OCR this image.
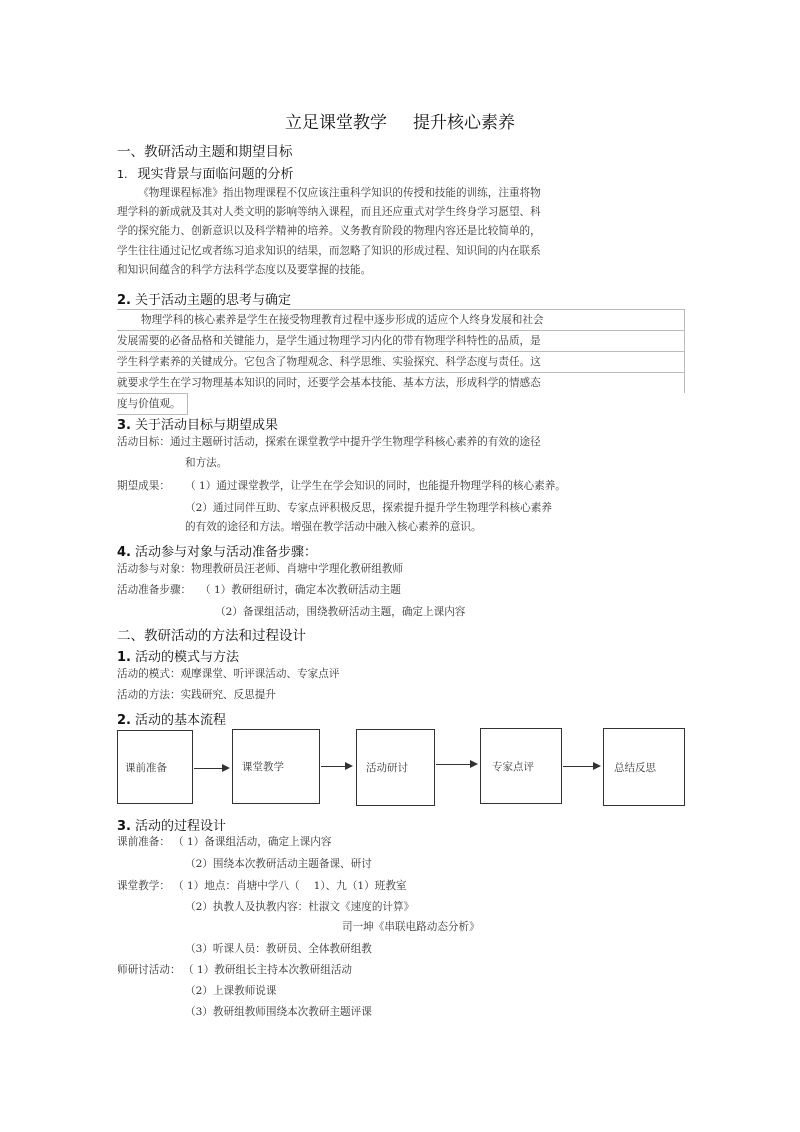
立足课堂教学 提升核心素养
一、教研活动主题和期望目标
1. 现实背景与面临问题的分析
《物理课程标准》指出物理课程不仅应该注重科学知识的传授和技能的训练，注重将物
理学科的新成就及其对人类文明的影响等纳入课程，而且还应重式对学生终身学习愿望、科
学的探究能力、创新意识以及科学精神的培养。义务教育阶段的物理内容还是比较简单的，
学生往往通过记忆或者练习追求知识的结果，而忽略了知识的形成过程、知识间的内在联系
和知识间蕴含的科学方法科学态度以及要掌握的技能。
2. 关于活动主题的思考与确定
物理学科的核心素养是学生在接受物理教育过程中逐步形成的适应个人终身发展和社会
发展需要的必备品格和关键能力，是学生通过物理学习内化的带有物理学科特性的品质，是
学生科学素养的关键成分。它包含了物理观念、科学思维、实验探究、科学态度与责任。这
就要求学生在学习物理基本知识的同时，还要学会基本技能、基本方法，形成科学的情感态
度与价值观。
3. 关于活动目标与期望成果
活动目标：通过主题研讨活动，探索在课堂教学中提升学生物理学科核心素养的有效的途径
和方法。
期望成果： （ 1）通过课堂教学，让学生在学会知识的同时，也能提升物理学科的核心素养。
（2）通过同伴互助、专家点评积极反思，探索提升提升学生物理学科核心素养
的有效的途径和方法。增强在教学活动中融入核心素养的意识。
4. 活动参与对象与活动准备步骤：
活动参与对象：物理教研员汪老师、肖塘中学理化教研组教师
活动准备步骤： （ 1）教研组研讨，确定本次教研活动主题
（2）备课组活动，围绕教研活动主题，确定上课内容
二、教研活动的方法和过程设计
1. 活动的模式与方法
活动的模式：观摩课堂、听评课活动、专家点评
活动的方法：实践研究、反思提升
2. 活动的基本流程
课前准备	课堂教学	活动研讨	专家点评	总结反思
3. 活动的过程设计
课前准备： （ 1）备课组活动，确定上课内容
（2）围绕本次教研活动主题备课、研讨
课堂教学： （ 1）地点：肖塘中学八（　 1）、九（1）班教室
（2）执教人及执教内容：杜淑文《速度的计算》
司一坤《串联电路动态分析》
（3）听课人员：教研员、全体教研组教
师研讨活动： （ 1）教研组长主持本次教研组活动
（2）上课教师说课
（3）教研组教师围绕本次教研主题评课
